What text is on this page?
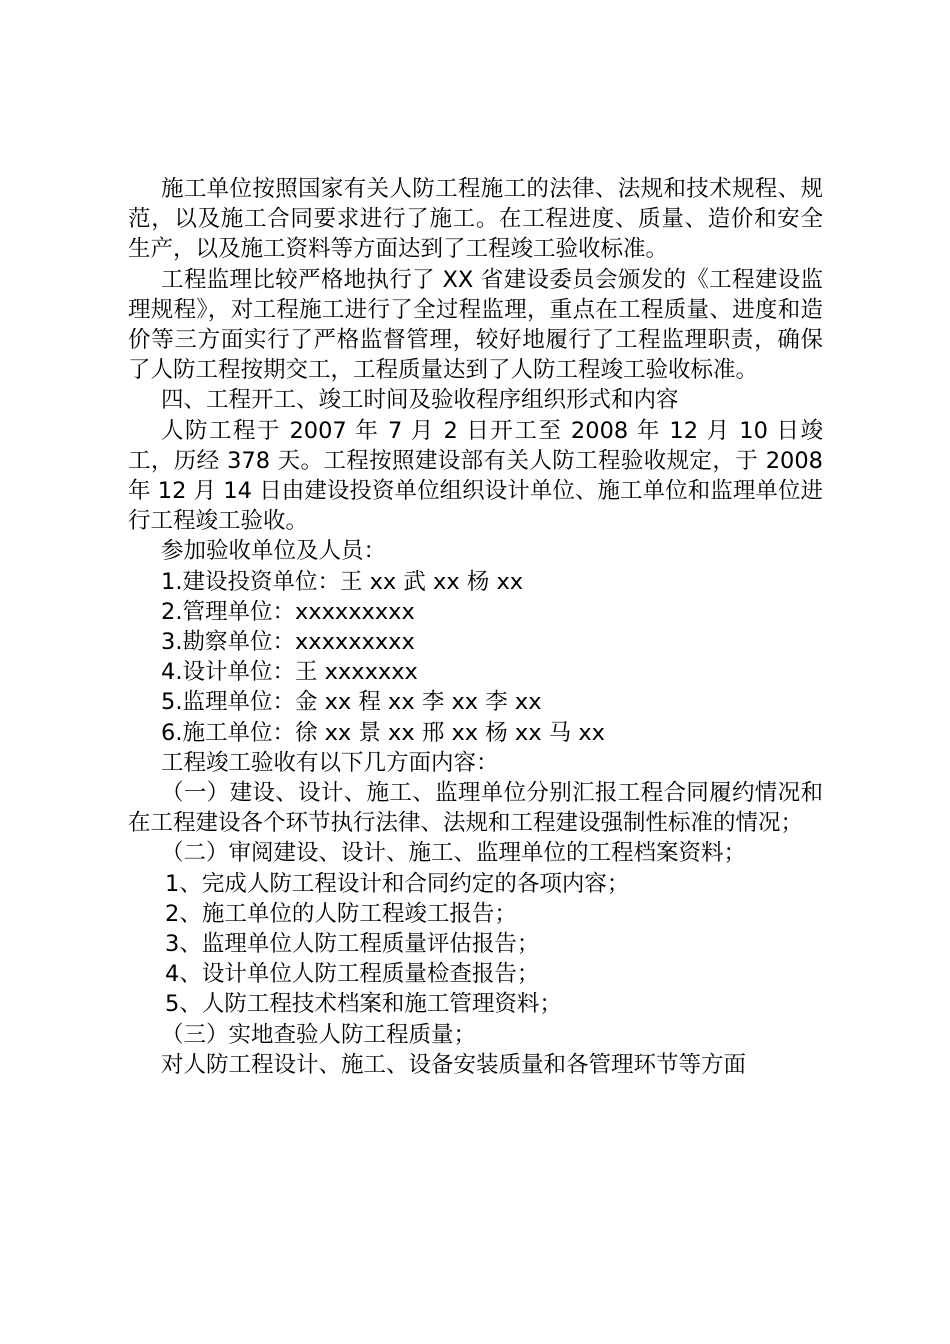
施工单位按照国家有关人防工程施工的法律、法规和技术规程、规范，以及施工合同要求进行了施工。在工程进度、质量、造价和安全生产，以及施工资料等方面达到了工程竣工验收标准。

工程监理比较严格地执行了 XX 省建设委员会颁发的《工程建设监理规程》，对工程施工进行了全过程监理，重点在工程质量、进度和造价等三方面实行了严格监督管理，较好地履行了工程监理职责，确保了人防工程按期交工，工程质量达到了人防工程竣工验收标准。

四、工程开工、竣工时间及验收程序组织形式和内容

人防工程于 2007 年 7 月 2 日开工至 2008 年 12 月 10 日竣工，历经 378 天。工程按照建设部有关人防工程验收规定，于 2008 年 12 月 14 日由建设投资单位组织设计单位、施工单位和监理单位进行工程竣工验收。

参加验收单位及人员：

1.建设投资单位：王 xx 武 xx 杨 xx

2.管理单位：xxxxxxxxx

3.勘察单位：xxxxxxxxx

4.设计单位：王 xxxxxxx

5.监理单位：金 xx 程 xx 李 xx 李 xx

6.施工单位：徐 xx 景 xx 邢 xx 杨 xx 马 xx

工程竣工验收有以下几方面内容：

（一）建设、设计、施工、监理单位分别汇报工程合同履约情况和在工程建设各个环节执行法律、法规和工程建设强制性标准的情况；

（二）审阅建设、设计、施工、监理单位的工程档案资料；

1、完成人防工程设计和合同约定的各项内容；

2、施工单位的人防工程竣工报告；

3、监理单位人防工程质量评估报告；

4、设计单位人防工程质量检查报告；

5、人防工程技术档案和施工管理资料；

（三）实地查验人防工程质量；

对人防工程设计、施工、设备安装质量和各管理环节等方面
